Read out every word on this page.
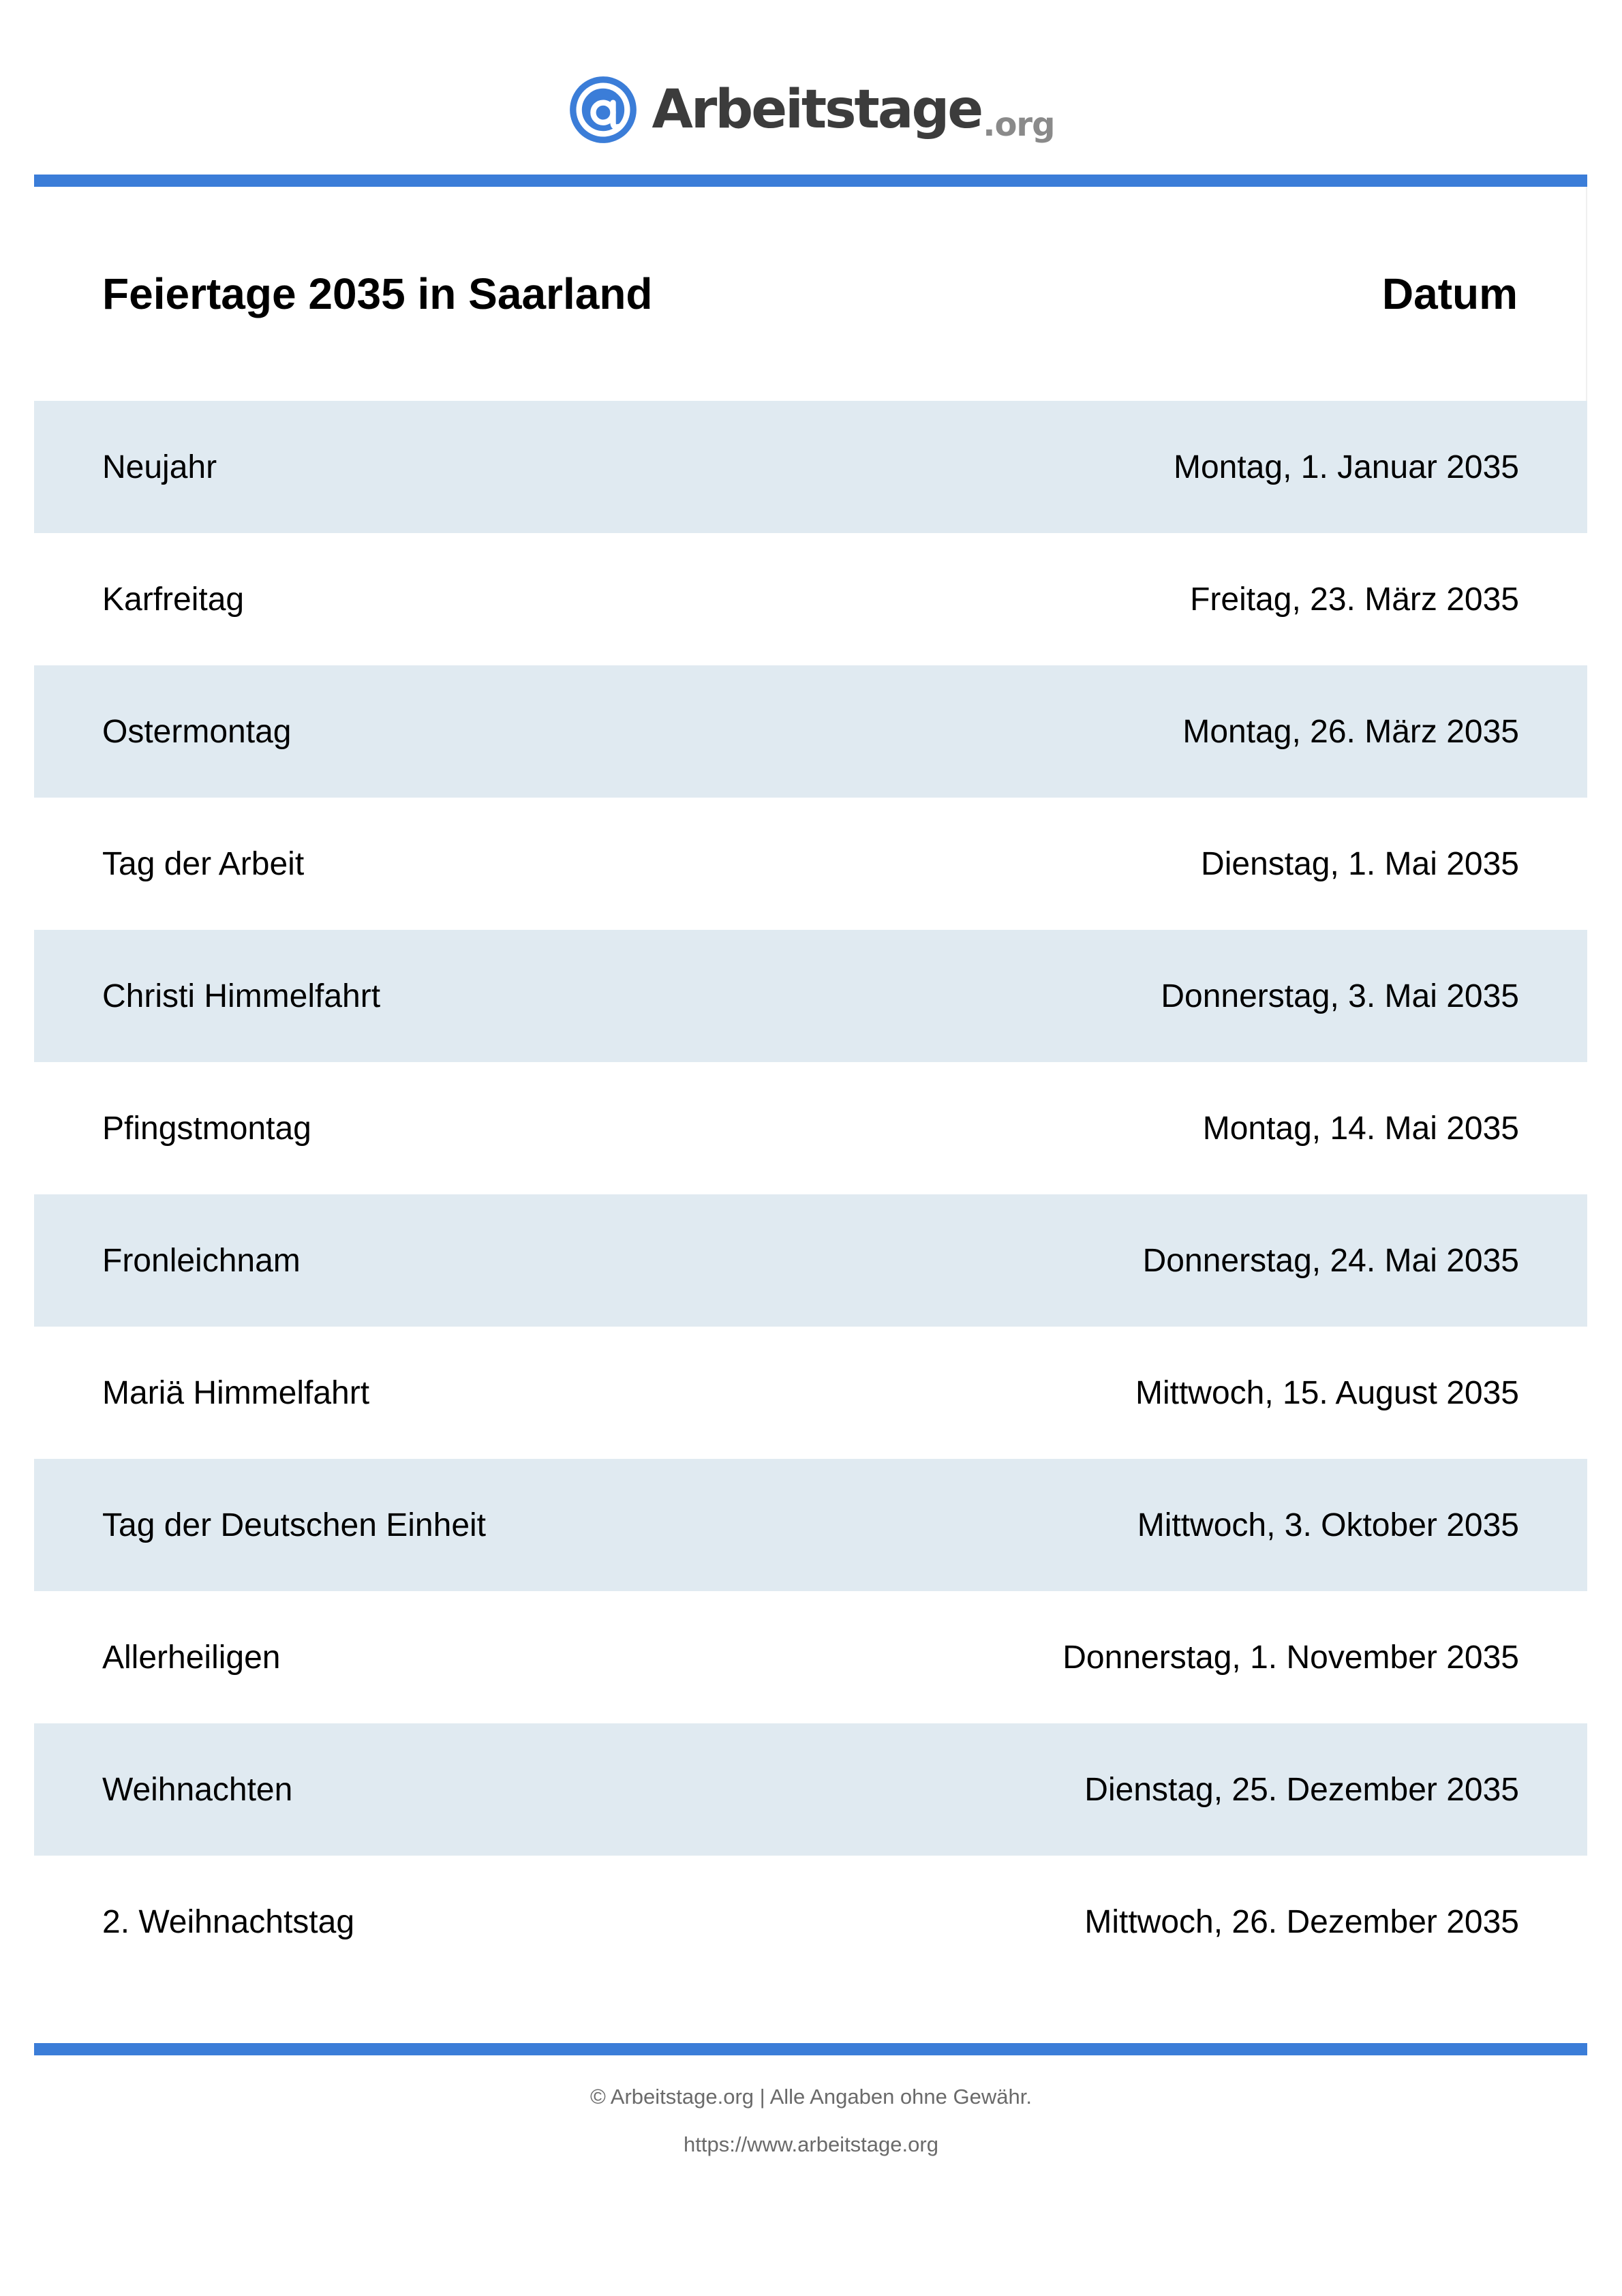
Arbeitstage .org
Feiertage 2035 in Saarland	Datum
Neujahr	Montag, 1. Januar 2035
Karfreitag	Freitag, 23. März 2035
Ostermontag	Montag, 26. März 2035
Tag der Arbeit	Dienstag, 1. Mai 2035
Christi Himmelfahrt	Donnerstag, 3. Mai 2035
Pfingstmontag	Montag, 14. Mai 2035
Fronleichnam	Donnerstag, 24. Mai 2035
Mariä Himmelfahrt	Mittwoch, 15. August 2035
Tag der Deutschen Einheit	Mittwoch, 3. Oktober 2035
Allerheiligen	Donnerstag, 1. November 2035
Weihnachten	Dienstag, 25. Dezember 2035
2. Weihnachtstag	Mittwoch, 26. Dezember 2035
© Arbeitstage.org | Alle Angaben ohne Gewähr.
https://www.arbeitstage.org
